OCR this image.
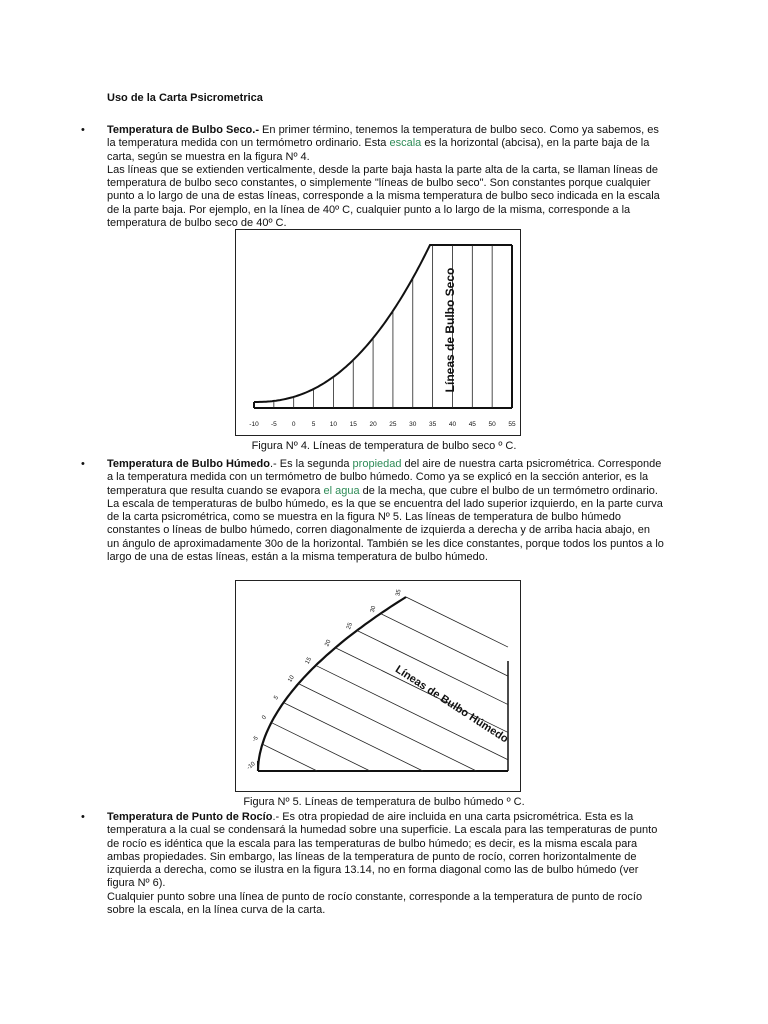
Uso de la Carta Psicrometrica
• Temperatura de Bulbo Seco.- En primer término, tenemos la temperatura de bulbo seco. Como ya sabemos, es la temperatura medida con un termómetro ordinario. Esta escala es la horizontal (abcisa), en la parte baja de la carta, según se muestra en la figura Nº 4.

Las líneas que se extienden verticalmente, desde la parte baja hasta la parte alta de la carta, se llaman líneas de temperatura de bulbo seco constantes, o simplemente "líneas de bulbo seco". Son constantes porque cualquier punto a lo largo de una de estas líneas, corresponde a la misma temperatura de bulbo seco indicada en la escala de la parte baja. Por ejemplo, en la línea de 40º C, cualquier punto a lo largo de la misma, corresponde a la temperatura de bulbo seco de 40º C.

-10 -5 0 5 10 15 20 25 30 35 40 45 50 55
Líneas de Bulbo Seco
Figura Nº 4. Líneas de temperatura de bulbo seco º C.
• Temperatura de Bulbo Húmedo.- Es la segunda propiedad del aire de nuestra carta psicrométrica. Corresponde a la temperatura medida con un termómetro de bulbo húmedo. Como ya se explicó en la sección anterior, es la temperatura que resulta cuando se evapora el agua de la mecha, que cubre el bulbo de un termómetro ordinario.

La escala de temperaturas de bulbo húmedo, es la que se encuentra del lado superior izquierdo, en la parte curva de la carta psicrométrica, como se muestra en la figura Nº 5. Las líneas de temperatura de bulbo húmedo constantes o líneas de bulbo húmedo, corren diagonalmente de izquierda a derecha y de arriba hacia abajo, en un ángulo de aproximadamente 30o de la horizontal. También se les dice constantes, porque todos los puntos a lo largo de una de estas líneas, están a la misma temperatura de bulbo húmedo.

-10
-5
0
5
10
15
20
25
30
35
Líneas de Bulbo Húmedo
Figura Nº 5. Líneas de temperatura de bulbo húmedo º C.
• Temperatura de Punto de Rocío.- Es otra propiedad de aire incluida en una carta psicrométrica. Esta es la temperatura a la cual se condensará la humedad sobre una superficie. La escala para las temperaturas de punto de rocío es idéntica que la escala para las temperaturas de bulbo húmedo; es decir, es la misma escala para ambas propiedades. Sin embargo, las líneas de la temperatura de punto de rocío, corren horizontalmente de izquierda a derecha, como se ilustra en la figura 13.14, no en forma diagonal como las de bulbo húmedo (ver figura Nº 6).

Cualquier punto sobre una línea de punto de rocío constante, corresponde a la temperatura de punto de rocío sobre la escala, en la línea curva de la carta.
